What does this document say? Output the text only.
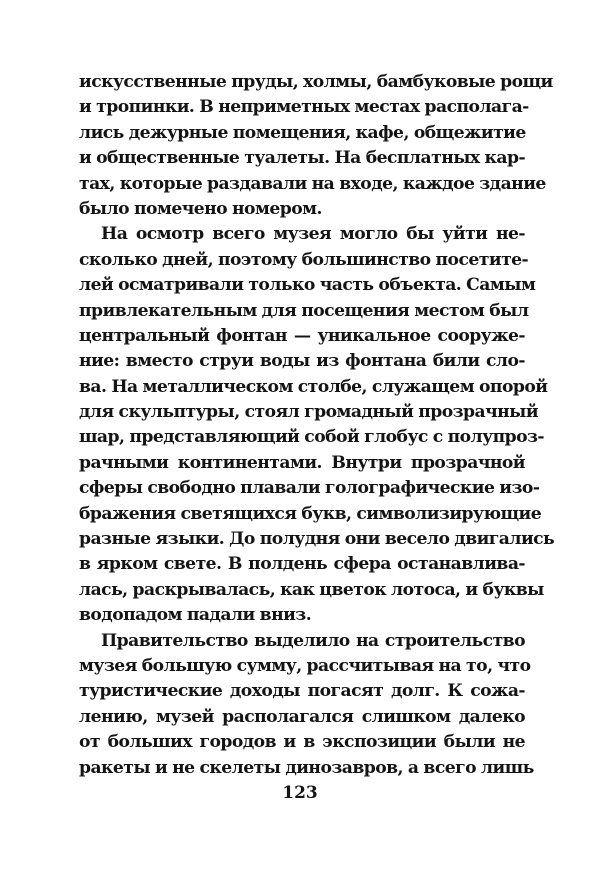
искусственные пруды, холмы, бамбуковые рощи
и тропинки. В неприметных местах располага-
лись дежурные помещения, кафе, общежитие
и общественные туалеты. На бесплатных кар-
тах, которые раздавали на входе, каждое здание
было помечено номером.

На осмотр всего музея могло бы уйти не-
сколько дней, поэтому большинство посетите-
лей осматривали только часть объекта. Самым
привлекательным для посещения местом был
центральный фонтан — уникальное сооруже-
ние: вместо струи воды из фонтана били сло-
ва. На металлическом столбе, служащем опорой
для скульптуры, стоял громадный прозрачный
шар, представляющий собой глобус с полупроз-
рачными континентами. Внутри прозрачной
сферы свободно плавали голографические изо-
бражения светящихся букв, символизирующие
разные языки. До полудня они весело двигались
в ярком свете. В полдень сфера останавлива-
лась, раскрывалась, как цветок лотоса, и буквы
водопадом падали вниз.

Правительство выделило на строительство
музея большую сумму, рассчитывая на то, что
туристические доходы погасят долг. К сожа-
лению, музей располагался слишком далеко
от больших городов и в экспозиции были не
ракеты и не скелеты динозавров, а всего лишь

123
